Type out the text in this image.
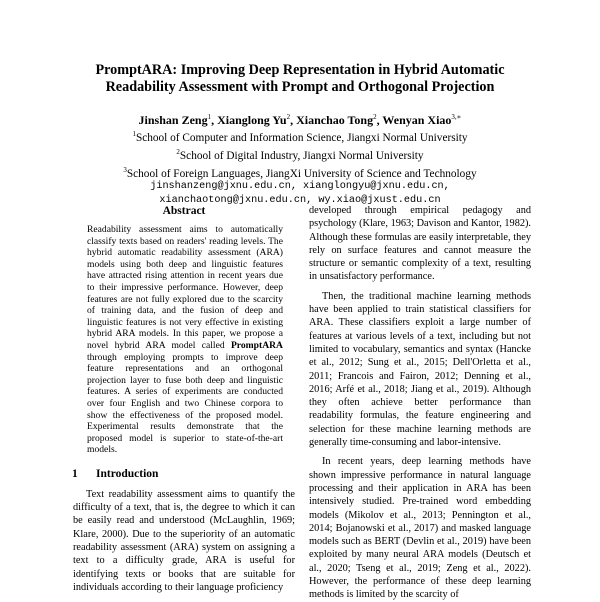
PromptARA: Improving Deep Representation in Hybrid Automatic
Readability Assessment with Prompt and Orthogonal Projection

Jinshan Zeng$^1$, Xianglong Yu$^2$, Xianchao Tong$^2$, Wenyan Xiao$^{3,∗}$
$^1$School of Computer and Information Science, Jiangxi Normal University
$^2$School of Digital Industry, Jiangxi Normal University
$^3$School of Foreign Languages, JiangXi University of Science and Technology
jinshanzeng@jxnu.edu.cn, xianglongyu@jxnu.edu.cn,
xianchaotong@jxnu.edu.cn, wy.xiao@jxust.edu.cn

Abstract

Readability assessment aims to automatically classify texts based on readers' reading levels. The hybrid automatic readability assessment (ARA) models using both deep and linguistic features have attracted rising attention in recent years due to their impressive performance. However, deep features are not fully explored due to the scarcity of training data, and the fusion of deep and linguistic features is not very effective in existing hybrid ARA models. In this paper, we propose a novel hybrid ARA model called PromptARA through employing prompts to improve deep feature representations and an orthogonal projection layer to fuse both deep and linguistic features. A series of experiments are conducted over four English and two Chinese corpora to show the effectiveness of the proposed model. Experimental results demonstrate that the proposed model is superior to state-of-the-art models.

1 Introduction

Text readability assessment aims to quantify the difficulty of a text, that is, the degree to which it can be easily read and understood (McLaughlin, 1969; Klare, 2000). Due to the superiority of an automatic readability assessment (ARA) system on assigning a text to a difficulty grade, ARA is useful for identifying texts or books that are suitable for individuals according to their language proficiency

developed through empirical pedagogy and psychology (Klare, 1963; Davison and Kantor, 1982). Although these formulas are easily interpretable, they rely on surface features and cannot measure the structure or semantic complexity of a text, resulting in unsatisfactory performance.

Then, the traditional machine learning methods have been applied to train statistical classifiers for ARA. These classifiers exploit a large number of features at various levels of a text, including but not limited to vocabulary, semantics and syntax (Hancke et al., 2012; Sung et al., 2015; Dell'Orletta et al., 2011; Francois and Fairon, 2012; Denning et al., 2016; Arfé et al., 2018; Jiang et al., 2019). Although they often achieve better performance than readability formulas, the feature engineering and selection for these machine learning methods are generally time-consuming and labor-intensive.

In recent years, deep learning methods have shown impressive performance in natural language processing and their application in ARA has been intensively studied. Pre-trained word embedding models (Mikolov et al., 2013; Pennington et al., 2014; Bojanowski et al., 2017) and masked language models such as BERT (Devlin et al., 2019) have been exploited by many neural ARA models (Deutsch et al., 2020; Tseng et al., 2019; Zeng et al., 2022). However, the performance of these deep learning methods is limited by the scarcity of
